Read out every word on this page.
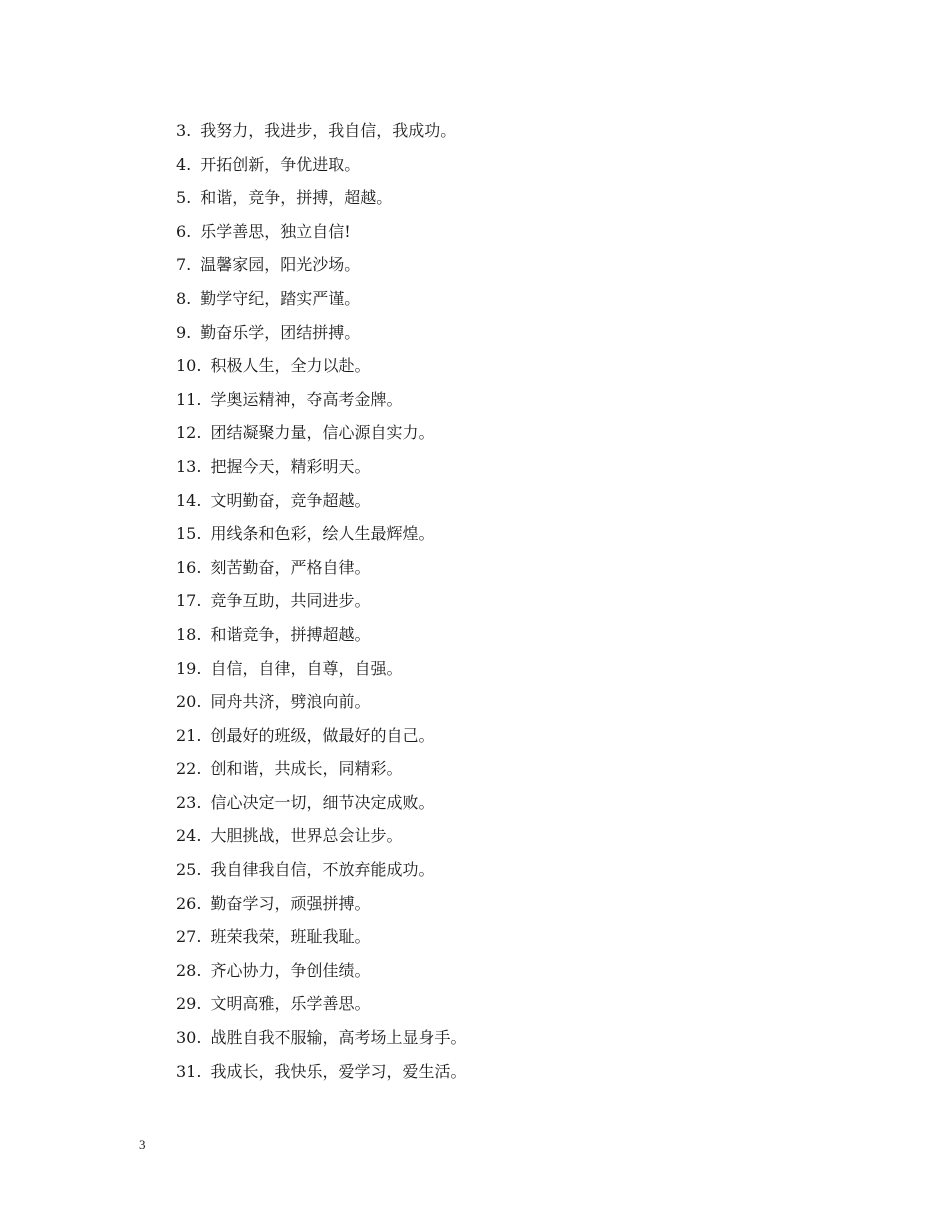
3. 我努力，我进步，我自信，我成功。
4. 开拓创新，争优进取。
5. 和谐，竞争，拼搏，超越。
6. 乐学善思，独立自信!
7. 温馨家园，阳光沙场。
8. 勤学守纪，踏实严谨。
9. 勤奋乐学，团结拼搏。
10. 积极人生，全力以赴。
11. 学奥运精神，夺高考金牌。
12. 团结凝聚力量，信心源自实力。
13. 把握今天，精彩明天。
14. 文明勤奋，竞争超越。
15. 用线条和色彩，绘人生最辉煌。
16. 刻苦勤奋，严格自律。
17. 竞争互助，共同进步。
18. 和谐竞争，拼搏超越。
19. 自信，自律，自尊，自强。
20. 同舟共济，劈浪向前。
21. 创最好的班级，做最好的自己。
22. 创和谐，共成长，同精彩。
23. 信心决定一切，细节决定成败。
24. 大胆挑战，世界总会让步。
25. 我自律我自信，不放弃能成功。
26. 勤奋学习，顽强拼搏。
27. 班荣我荣，班耻我耻。
28. 齐心协力，争创佳绩。
29. 文明高雅，乐学善思。
30. 战胜自我不服输，高考场上显身手。
31. 我成长，我快乐，爱学习，爱生活。
3
